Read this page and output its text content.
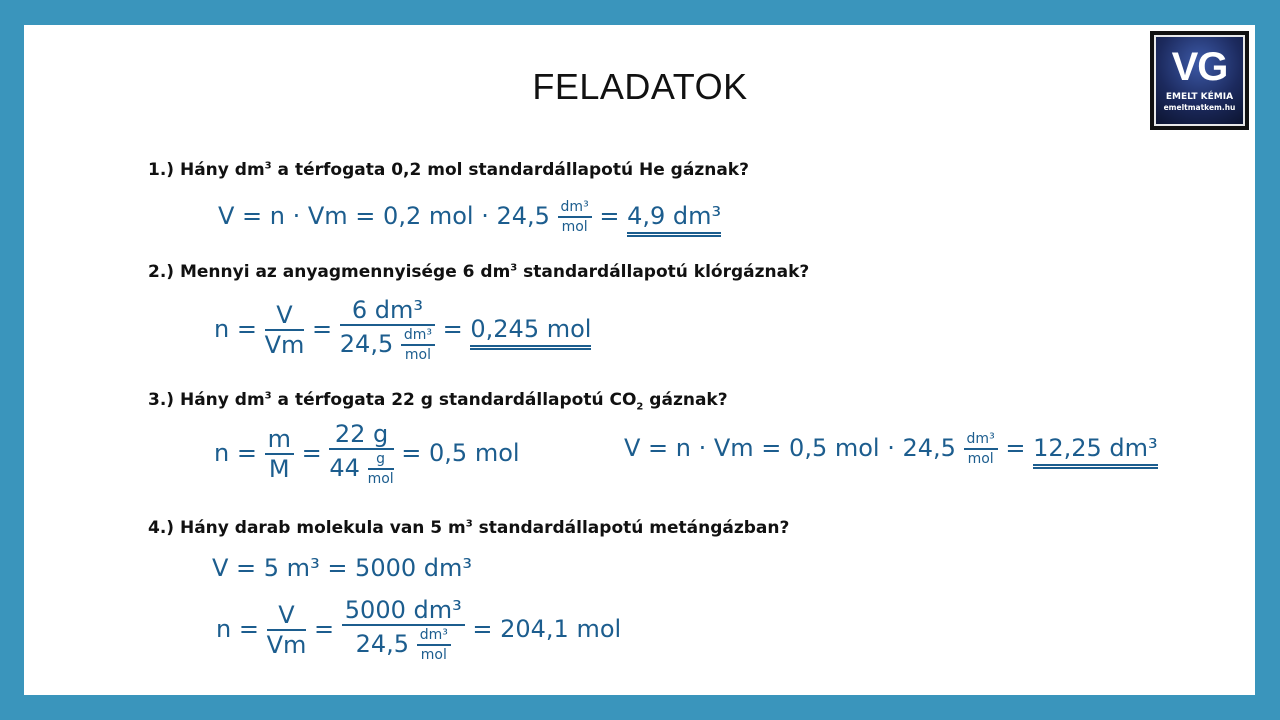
FELADATOK	VG
EMELT KÉMIA
emeltmatkem.hu
1.) Hány $dm^3$ a térfogata 0,2 mol standardállapotú He gáznak?
V = n · Vm = 0,2 mol · $24,5 \frac{\text{dm³}}{\text{mol}} = 4,9$ dm³
2.) Mennyi az anyagmennyisége 6 $dm^3$ standardállapotú klórgáznak?
$n = \frac{V}{Vm} = \frac{\text{6 dm³}}{24,5 \frac{\text{dm³}}{\text{mol}}} = 0,245$ mol
3.) Hány $dm^3$ a térfogata 22 g standardállapotú $CO_2$ gáznak?
$n = \frac{m}{M} = \frac{22 g}{44 \frac{g}{\text{mol}}} = 0,5$ mol	V = n · Vm = 0,5 mol · $24,5 \frac{\text{dm³}}{\text{mol}} = 12,25$ dm³
4.) Hány darab molekula van 5 $m^3$ standardállapotú metángázban?
V = 5 m³ = 5000 dm³
$n = \frac{V}{Vm} = \frac{\text{5000 dm³}}{24,5 \frac{\text{dm³}}{\text{mol}}} = 204,1$ mol
